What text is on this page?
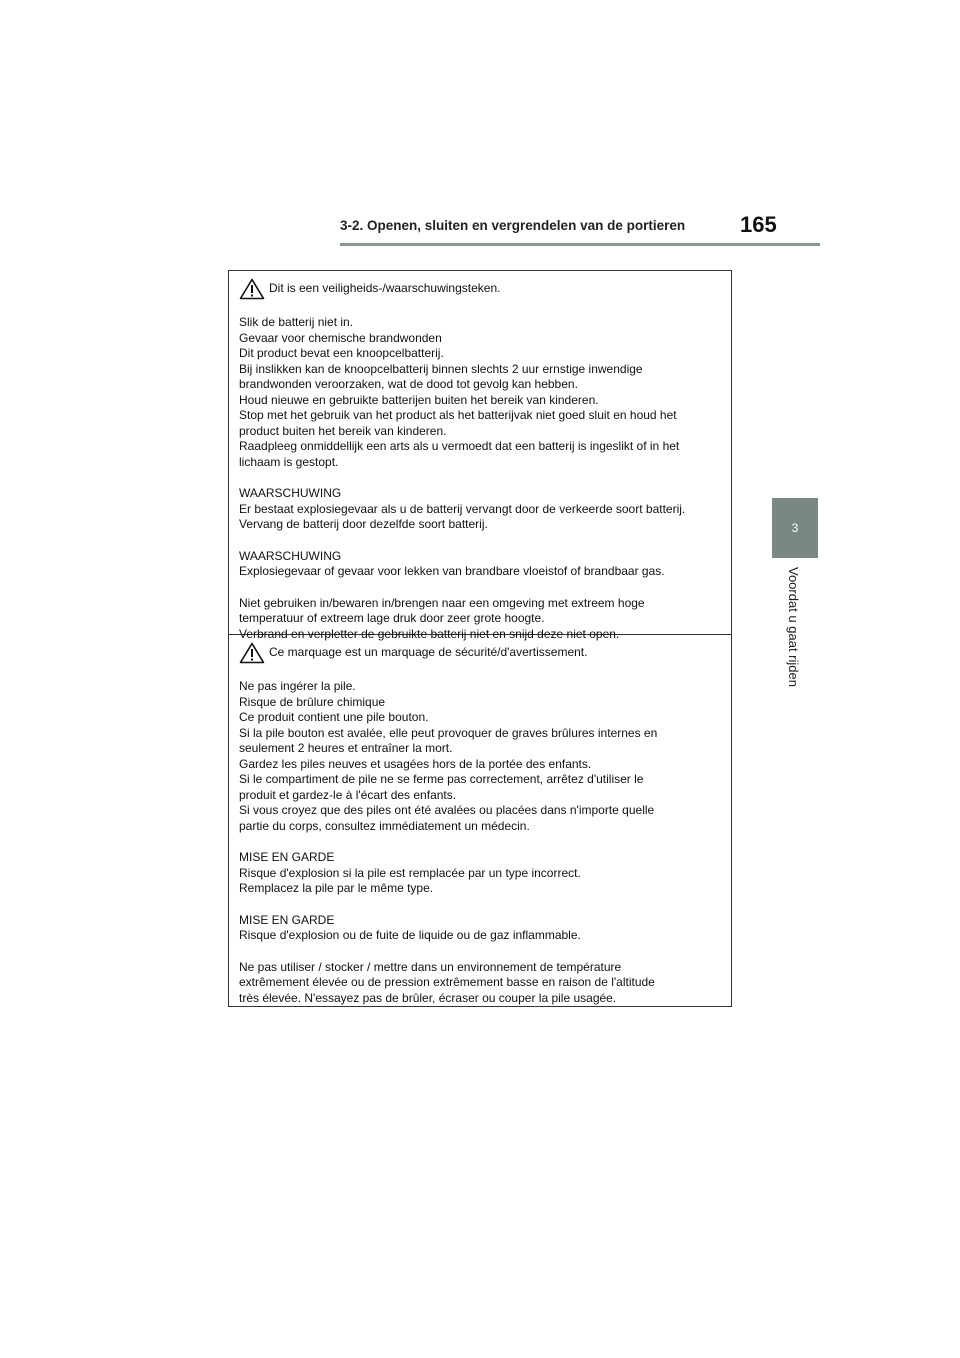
3-2. Openen, sluiten en vergrendelen van de portieren 165
3
Voordat u gaat rijden
Dit is een veiligheids-/waarschuwingsteken.

Slik de batterij niet in.
Gevaar voor chemische brandwonden
Dit product bevat een knoopcelbatterij.
Bij inslikken kan de knoopcelbatterij binnen slechts 2 uur ernstige inwendige
brandwonden veroorzaken, wat de dood tot gevolg kan hebben.
Houd nieuwe en gebruikte batterijen buiten het bereik van kinderen.
Stop met het gebruik van het product als het batterijvak niet goed sluit en houd het
product buiten het bereik van kinderen.
Raadpleeg onmiddellijk een arts als u vermoedt dat een batterij is ingeslikt of in het
lichaam is gestopt.

WAARSCHUWING
Er bestaat explosiegevaar als u de batterij vervangt door de verkeerde soort batterij.
Vervang de batterij door dezelfde soort batterij.

WAARSCHUWING
Explosiegevaar of gevaar voor lekken van brandbare vloeistof of brandbaar gas.

Niet gebruiken in/bewaren in/brengen naar een omgeving met extreem hoge
temperatuur of extreem lage druk door zeer grote hoogte.
Verbrand en verpletter de gebruikte batterij niet en snijd deze niet open.

Ce marquage est un marquage de sécurité/d'avertissement.

Ne pas ingérer la pile.
Risque de brûlure chimique
Ce produit contient une pile bouton.
Si la pile bouton est avalée, elle peut provoquer de graves brûlures internes en
seulement 2 heures et entraîner la mort.
Gardez les piles neuves et usagées hors de la portée des enfants.
Si le compartiment de pile ne se ferme pas correctement, arrêtez d'utiliser le
produit et gardez-le à l'écart des enfants.
Si vous croyez que des piles ont été avalées ou placées dans n'importe quelle
partie du corps, consultez immédiatement un médecin.

MISE EN GARDE
Risque d'explosion si la pile est remplacée par un type incorrect.
Remplacez la pile par le même type.

MISE EN GARDE
Risque d'explosion ou de fuite de liquide ou de gaz inflammable.

Ne pas utiliser / stocker / mettre dans un environnement de température
extrêmement élevée ou de pression extrêmement basse en raison de l'altitude
très élevée. N'essayez pas de brûler, écraser ou couper la pile usagée.
